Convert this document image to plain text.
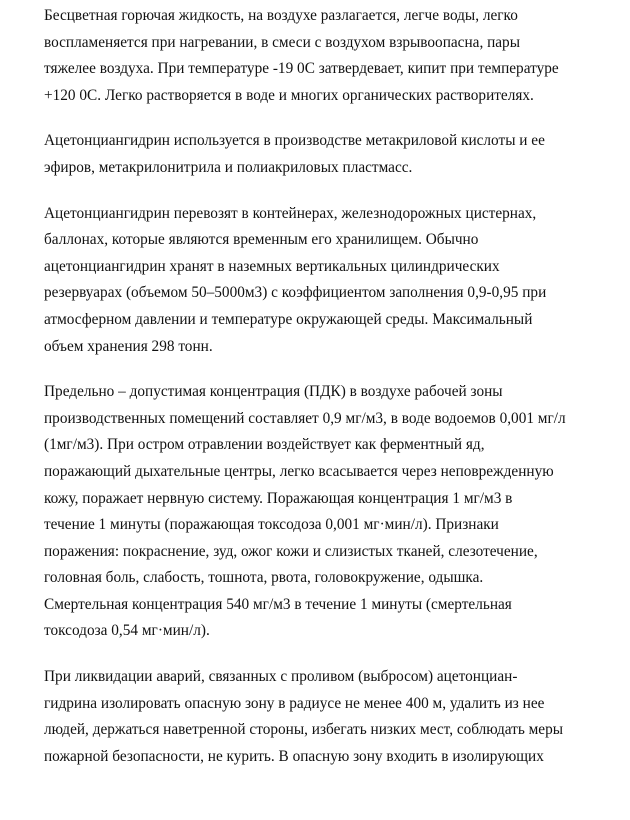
Бесцветная горючая жидкость, на воздухе разлагается, легче воды, легко
воспламеняется при нагревании, в смеси с воздухом взрывоопасна, пары
тяжелее воздуха. При температуре -19 0С затвердевает, кипит при температуре
+120 0С. Легко растворяется в воде и многих органических растворителях.

Ацетонциангидрин используется в производстве метакриловой кислоты и ее
эфиров, метакрилонитрила и полиакриловых пластмасс.

Ацетонциангидрин перевозят в контейнерах, железнодорожных цистернах,
баллонах, которые являются временным его хранилищем. Обычно
ацетонциангидрин хранят в наземных вертикальных цилиндрических
резервуарах (объемом 50–5000м3) с коэффициентом заполнения 0,9-0,95 при
атмосферном давлении и температуре окружающей среды. Максимальный
объем хранения 298 тонн.

Предельно – допустимая концентрация (ПДК) в воздухе рабочей зоны
производственных помещений составляет 0,9 мг/м3, в воде водоемов 0,001 мг/л
(1мг/м3). При остром отравлении воздействует как ферментный яд,
поражающий дыхательные центры, легко всасывается через неповрежденную
кожу, поражает нервную систему. Поражающая концентрация 1 мг/м3 в
течение 1 минуты (поражающая токсодоза 0,001 мг·мин/л). Признаки
поражения: покраснение, зуд, ожог кожи и слизистых тканей, слезотечение,
головная боль, слабость, тошнота, рвота, головокружение, одышка.
Смертельная концентрация 540 мг/м3 в течение 1 минуты (смертельная
токсодоза 0,54 мг·мин/л).

При ликвидации аварий, связанных с проливом (выбросом) ацетонциан-
гидрина изолировать опасную зону в радиусе не менее 400 м, удалить из нее
людей, держаться наветренной стороны, избегать низких мест, соблюдать меры
пожарной безопасности, не курить. В опасную зону входить в изолирующих
